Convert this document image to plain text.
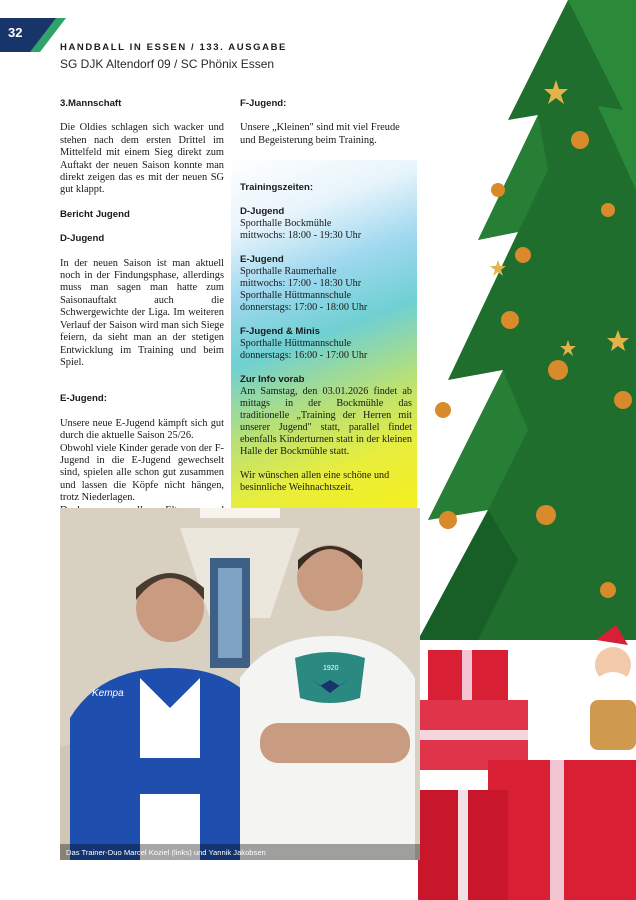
32
HANDBALL IN ESSEN / 133. AUSGABE
SG DJK Altendorf 09 / SC Phönix Essen
3.Mannschaft

Die Oldies schlagen sich wacker und stehen nach dem ersten Drittel im Mittelfeld mit einem Sieg direkt zum Auftakt der neuen Saison konnte man direkt zeigen das es mit der neuen SG gut klappt.

Bericht Jugend
D-Jugend

In der neuen Saison ist man aktuell noch in der Findungsphase, allerdings muss man sagen man hatte zum Saisonauftakt auch die Schwergewichte der Liga. Im weiteren Verlauf der Saison wird man sich Siege feiern, da sieht man an der stetigen Entwicklung im Training und beim Spiel.

E-Jugend:
Unsere neue E-Jugend kämpft sich gut durch die aktuelle Saison 25/26.
Obwohl viele Kinder gerade von der F-Jugend in die E-Jugend gewechselt sind, spielen alle schon gut zusammen und lassen die Köpfe nicht hängen, trotz Niederlagen.
F-Jugend:

Unsere „Kleinen" sind mit viel Freude und Begeisterung beim Training.

Trainingszeiten:
D-Jugend
Sporthalle Bockmühle
mittwochs: 18:00 - 19:30 Uhr
E-Jugend
Sporthalle Raumerhalle
mittwochs: 17:00 - 18:30 Uhr
Sporthalle Hüttmannschule
donnerstags: 17:00 - 18:00 Uhr
F-Jugend & Minis
Sporthalle Hüttmannschule
donnerstags: 16:00 - 17:00 Uhr
Zur Info vorab
Am Samstag, den 03.01.2026 findet ab mittags in der Bockmühle das traditionelle „Training der Herren mit unserer Jugend" statt, parallel findet ebenfalls Kinderturnen statt in der kleinen Halle der Bockmühle statt.
Wir wünschen allen eine schöne und besinnliche Weihnachtszeit.
Kempa
MK
1920
Das Trainer-Duo Marcel Koziel (links) und Yannik Jakobsen
